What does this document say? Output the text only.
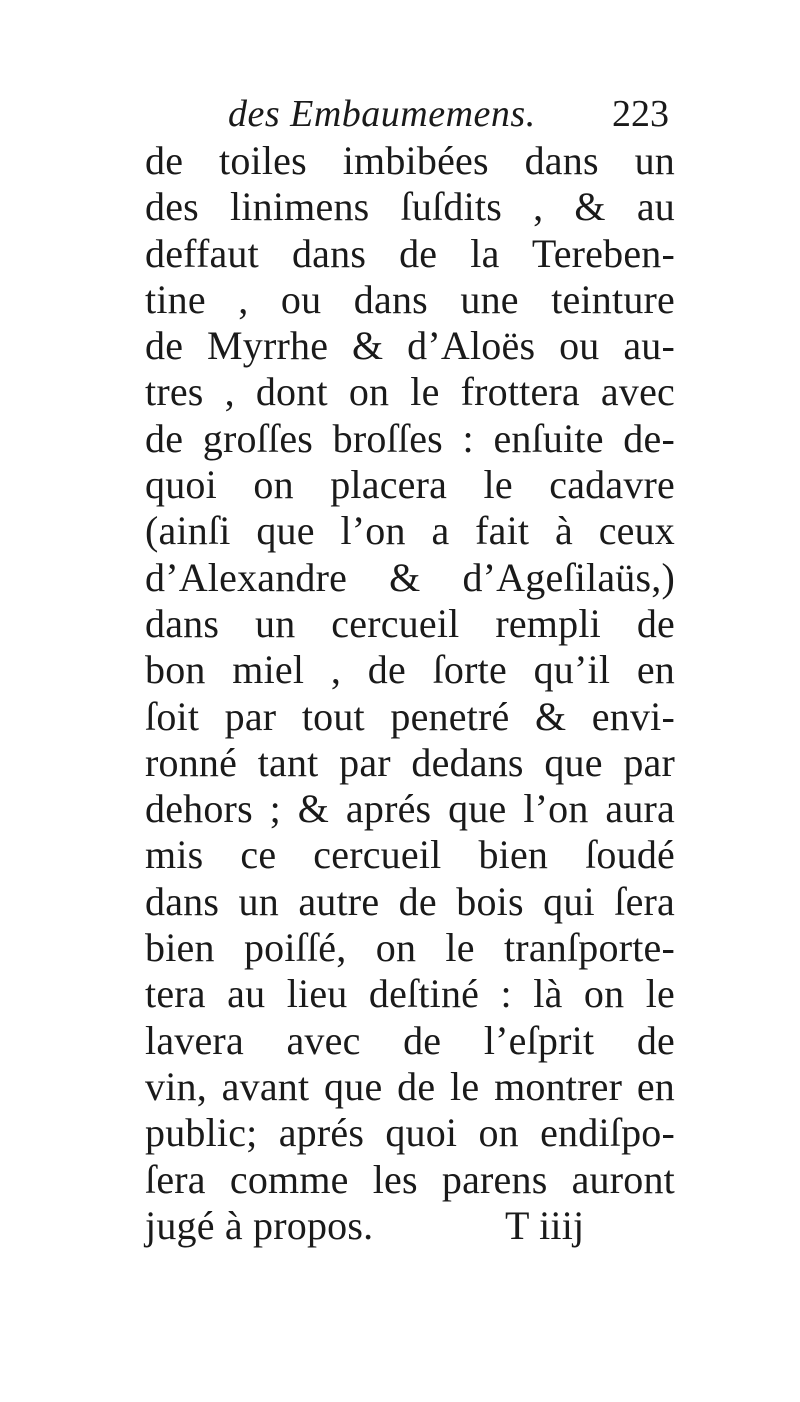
des Embaumemens. 223
de toiles imbibées dans un
des linimens ſuſdits , & au
deffaut dans de la Tereben-
tine , ou dans une teinture
de Myrrhe & d’Aloës ou au-
tres , dont on le frottera avec
de groſſes broſſes : enſuite de-
quoi on placera le cadavre
(ainſi que l’on a fait à ceux
d’Alexandre & d’Ageſilaüs,)
dans un cercueil rempli de
bon miel , de ſorte qu’il en
ſoit par tout penetré & envi-
ronné tant par dedans que par
dehors ; & aprés que l’on aura
mis ce cercueil bien ſoudé
dans un autre de bois qui ſera
bien poiſſé, on le tranſporte-
tera au lieu deſtiné : là on le
lavera avec de l’eſprit de
vin, avant que de le montrer en
public; aprés quoi on endiſpo-
ſera comme les parens auront
jugé à propos.	T iiij
